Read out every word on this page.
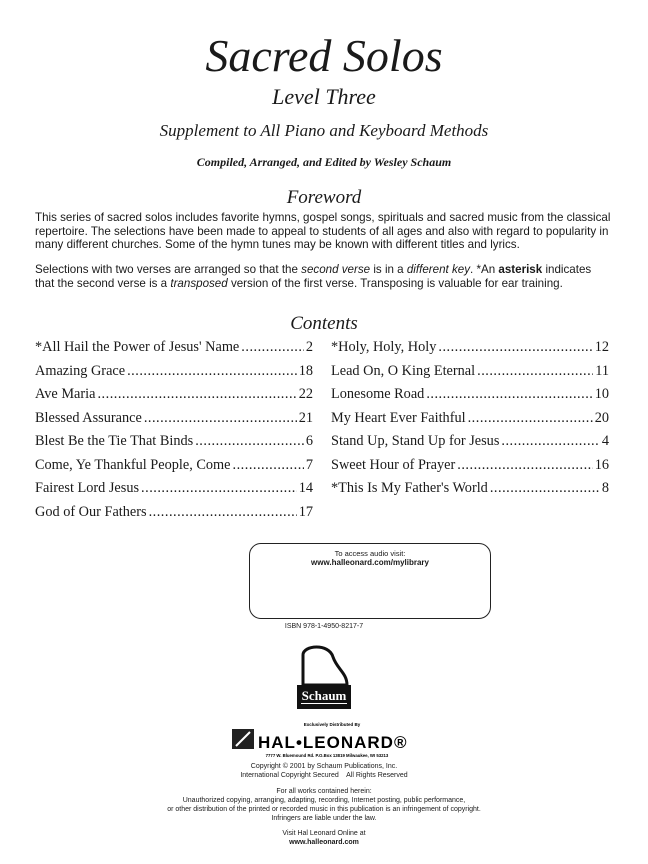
Sacred Solos
Level Three
Supplement to All Piano and Keyboard Methods
Compiled, Arranged, and Edited by Wesley Schaum
Foreword
This series of sacred solos includes favorite hymns, gospel songs, spirituals and sacred music from the classical repertoire. The selections have been made to appeal to students of all ages and also with regard to popularity in many different churches. Some of the hymn tunes may be known with different titles and lyrics.
Selections with two verses are arranged so that the second verse is in a different key. *An asterisk indicates that the second verse is a transposed version of the first verse. Transposing is valuable for ear training.
Contents
*All Hail the Power of Jesus' Name .....	2
Amazing Grace .....	18
Ave Maria .....	22
Blessed Assurance .....	21
Blest Be the Tie That Binds .....	6
Come, Ye Thankful People, Come .....	7
Fairest Lord Jesus .....	14
God of Our Fathers .....	17
*Holy, Holy, Holy .....	12
Lead On, O King Eternal .....	11
Lonesome Road .....	10
My Heart Ever Faithful .....	20
Stand Up, Stand Up for Jesus .....	4
Sweet Hour of Prayer .....	16
*This Is My Father's World .....	8
To access audio visit:
www.halleonard.com/mylibrary
ISBN 978-1-4950-8217-7
Schaum
Exclusively Distributed By
HAL•LEONARD®
7777 W. Bluemound Rd. P.O.Box 13819 Milwaukee, WI 53213
Copyright © 2001 by Schaum Publications, Inc.
International Copyright Secured    All Rights Reserved
For all works contained herein:
Unauthorized copying, arranging, adapting, recording, Internet posting, public performance,
or other distribution of the printed or recorded music in this publication is an infringement of copyright.
Infringers are liable under the law.
Visit Hal Leonard Online at
www.halleonard.com
